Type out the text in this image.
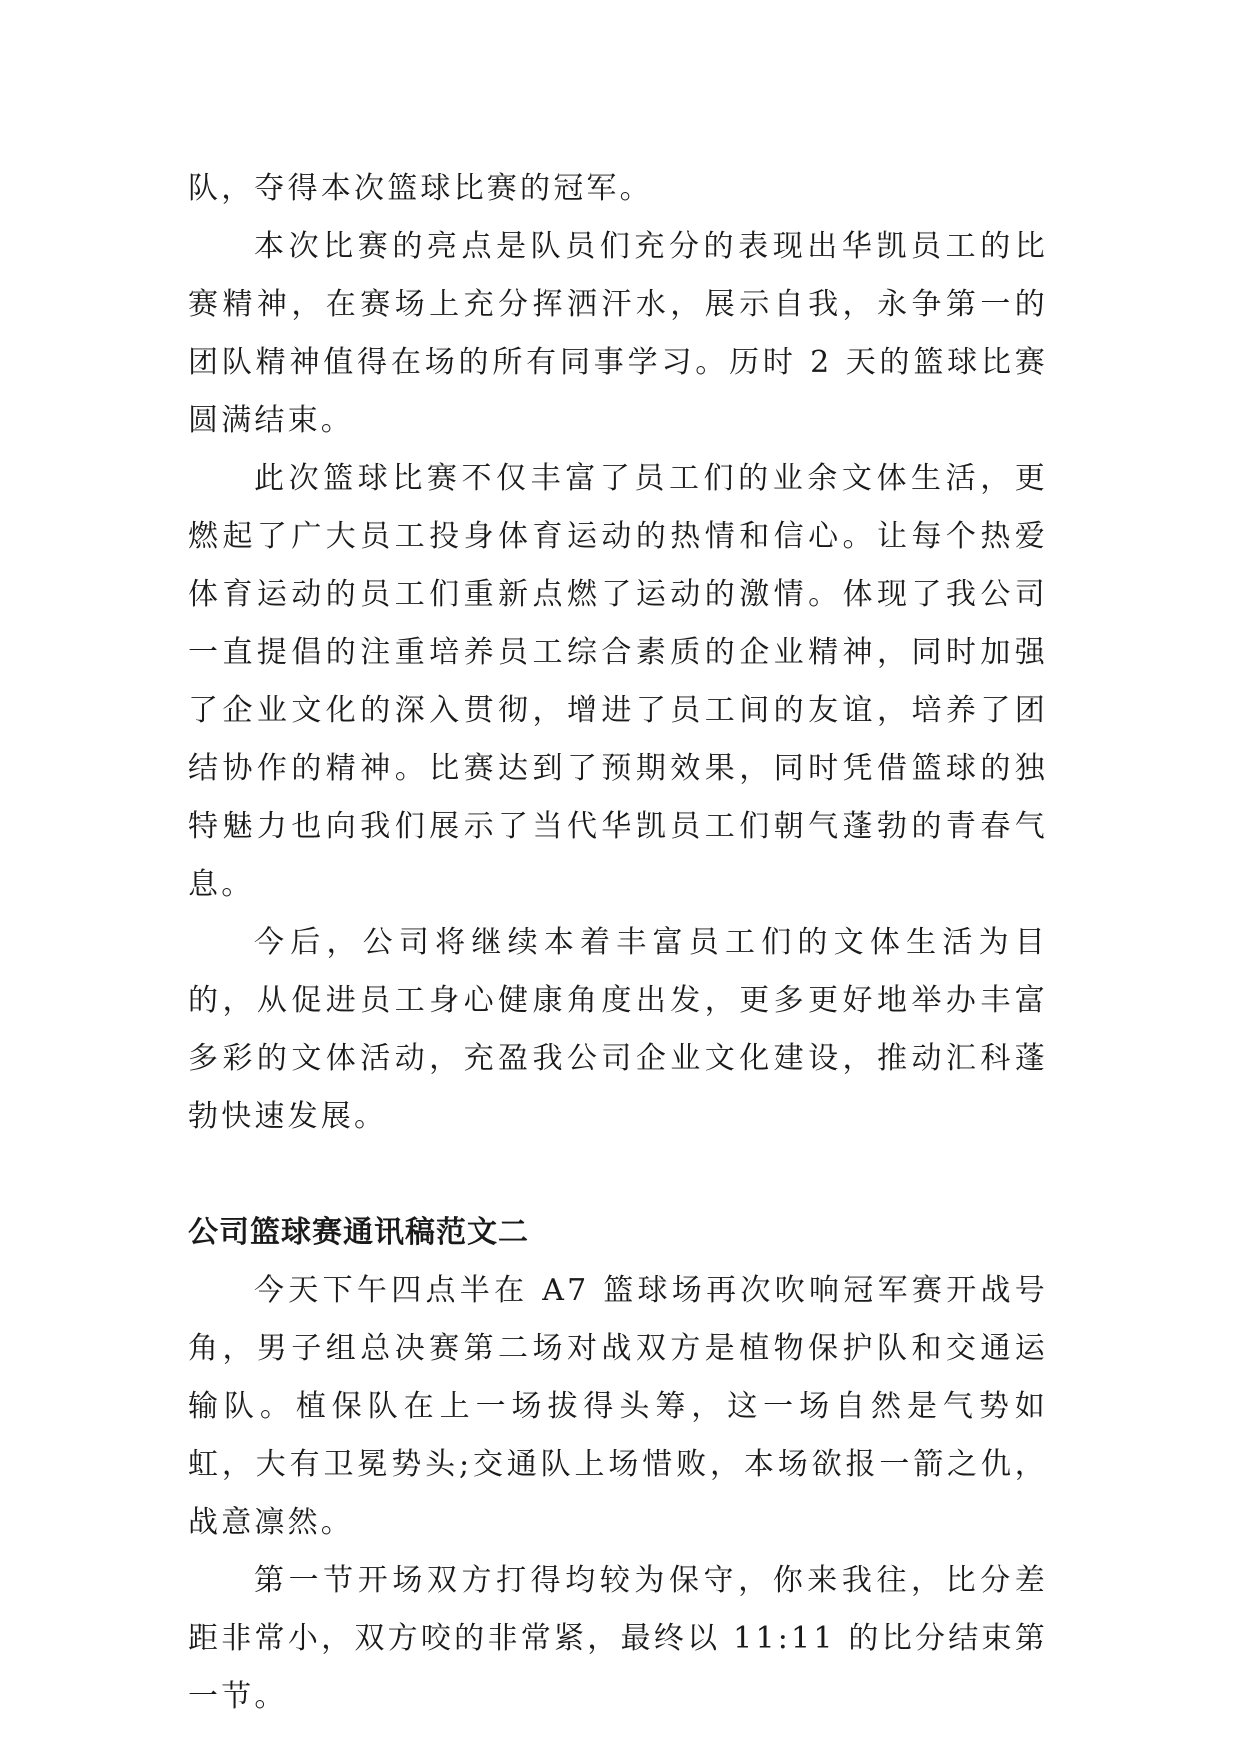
队，夺得本次篮球比赛的冠军。

本次比赛的亮点是队员们充分的表现出华凯员工的比赛精神，在赛场上充分挥洒汗水，展示自我，永争第一的团队精神值得在场的所有同事学习。历时 2 天的篮球比赛圆满结束。

此次篮球比赛不仅丰富了员工们的业余文体生活，更燃起了广大员工投身体育运动的热情和信心。让每个热爱体育运动的员工们重新点燃了运动的激情。体现了我公司一直提倡的注重培养员工综合素质的企业精神，同时加强了企业文化的深入贯彻，增进了员工间的友谊，培养了团结协作的精神。比赛达到了预期效果，同时凭借篮球的独特魅力也向我们展示了当代华凯员工们朝气蓬勃的青春气息。

今后，公司将继续本着丰富员工们的文体生活为目的，从促进员工身心健康角度出发，更多更好地举办丰富多彩的文体活动，充盈我公司企业文化建设，推动汇科蓬勃快速发展。

公司篮球赛通讯稿范文二

今天下午四点半在 A7 篮球场再次吹响冠军赛开战号角，男子组总决赛第二场对战双方是植物保护队和交通运输队。植保队在上一场拔得头筹，这一场自然是气势如虹，大有卫冕势头;交通队上场惜败，本场欲报一箭之仇，战意凛然。

第一节开场双方打得均较为保守，你来我往，比分差距非常小，双方咬的非常紧，最终以 11:11 的比分结束第一节。
